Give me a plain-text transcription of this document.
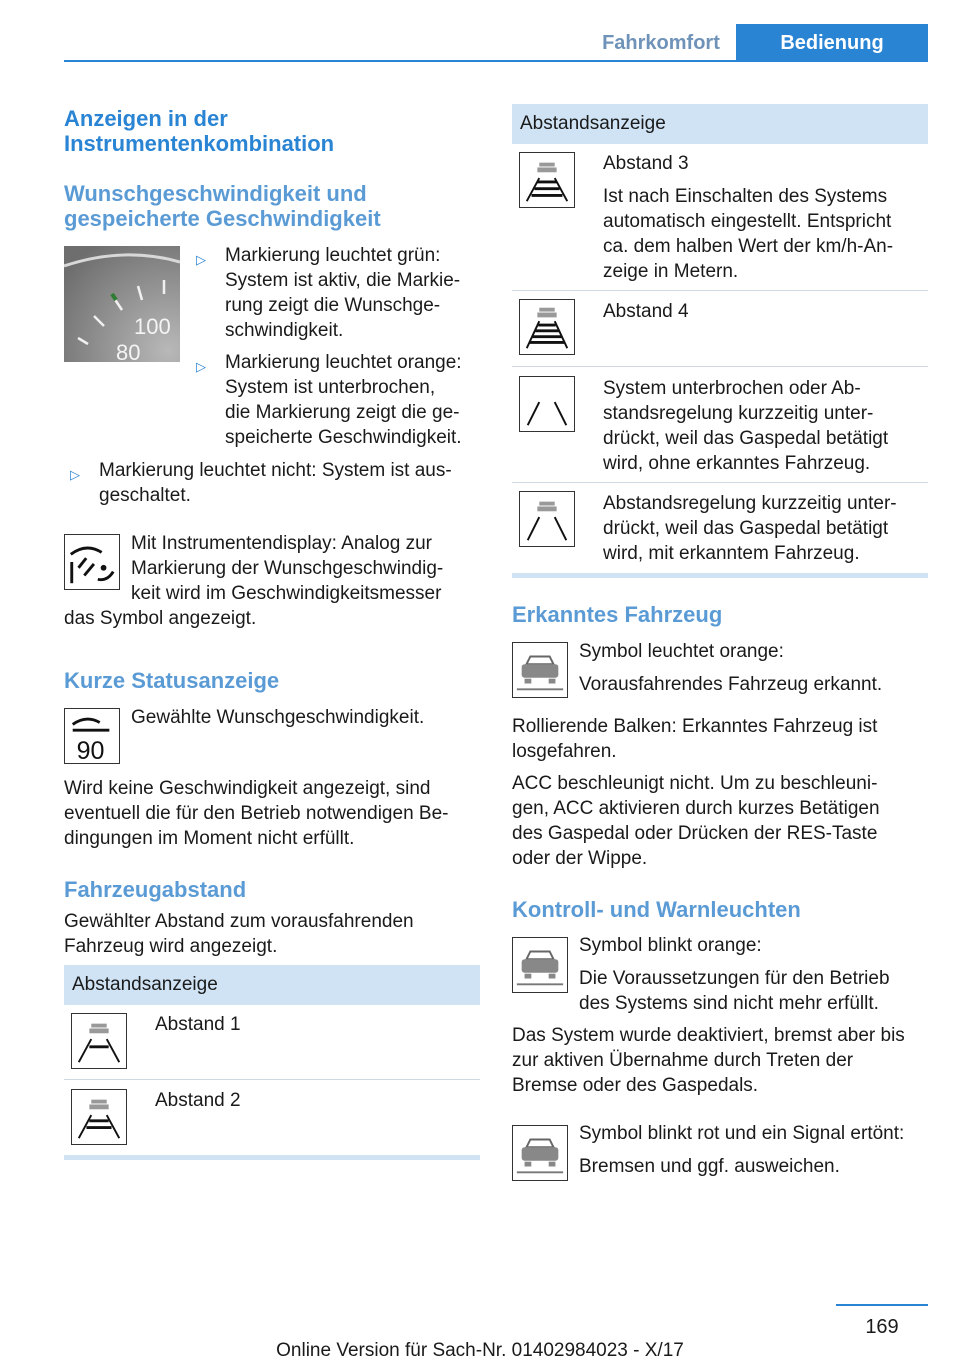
Fahrkomfort	Bedienung
Anzeigen in der
Instrumentenkombination
Wunschgeschwindigkeit und
gespeicherte Geschwindigkeit
100
80
▷ Markierung leuchtet grün:
System ist aktiv, die Markie-
rung zeigt die Wunschge-
schwindigkeit.
▷ Markierung leuchtet orange:
System ist unterbrochen,
die Markierung zeigt die ge-
speicherte Geschwindigkeit.
▷ Markierung leuchtet nicht: System ist aus-
geschaltet.
Mit Instrumentendisplay: Analog zur
Markierung der Wunschgeschwindig-
keit wird im Geschwindigkeitsmesser
das Symbol angezeigt.
Kurze Statusanzeige
90
Gewählte Wunschgeschwindigkeit.
Wird keine Geschwindigkeit angezeigt, sind
eventuell die für den Betrieb notwendigen Be-
dingungen im Moment nicht erfüllt.
Fahrzeugabstand
Gewählter Abstand zum vorausfahrenden
Fahrzeug wird angezeigt.
Abstandsanzeige
Abstand 1
Abstand 2
Abstandsanzeige
Abstand 3
Ist nach Einschalten des Systems
automatisch eingestellt. Entspricht
ca. dem halben Wert der km/h-An-
zeige in Metern.
Abstand 4
System unterbrochen oder Ab-
standsregelung kurzzeitig unter-
drückt, weil das Gaspedal betätigt
wird, ohne erkanntes Fahrzeug.
Abstandsregelung kurzzeitig unter-
drückt, weil das Gaspedal betätigt
wird, mit erkanntem Fahrzeug.
Erkanntes Fahrzeug
Symbol leuchtet orange:
Vorausfahrendes Fahrzeug erkannt.
Rollierende Balken: Erkanntes Fahrzeug ist
losgefahren.
ACC beschleunigt nicht. Um zu beschleuni-
gen, ACC aktivieren durch kurzes Betätigen
des Gaspedal oder Drücken der RES-Taste
oder der Wippe.
Kontroll- und Warnleuchten
Symbol blinkt orange:
Die Voraussetzungen für den Betrieb
des Systems sind nicht mehr erfüllt.
Das System wurde deaktiviert, bremst aber bis
zur aktiven Übernahme durch Treten der
Bremse oder des Gaspedals.
Symbol blinkt rot und ein Signal ertönt:
Bremsen und ggf. ausweichen.
169
Online Version für Sach-Nr. 01402984023 - X/17
